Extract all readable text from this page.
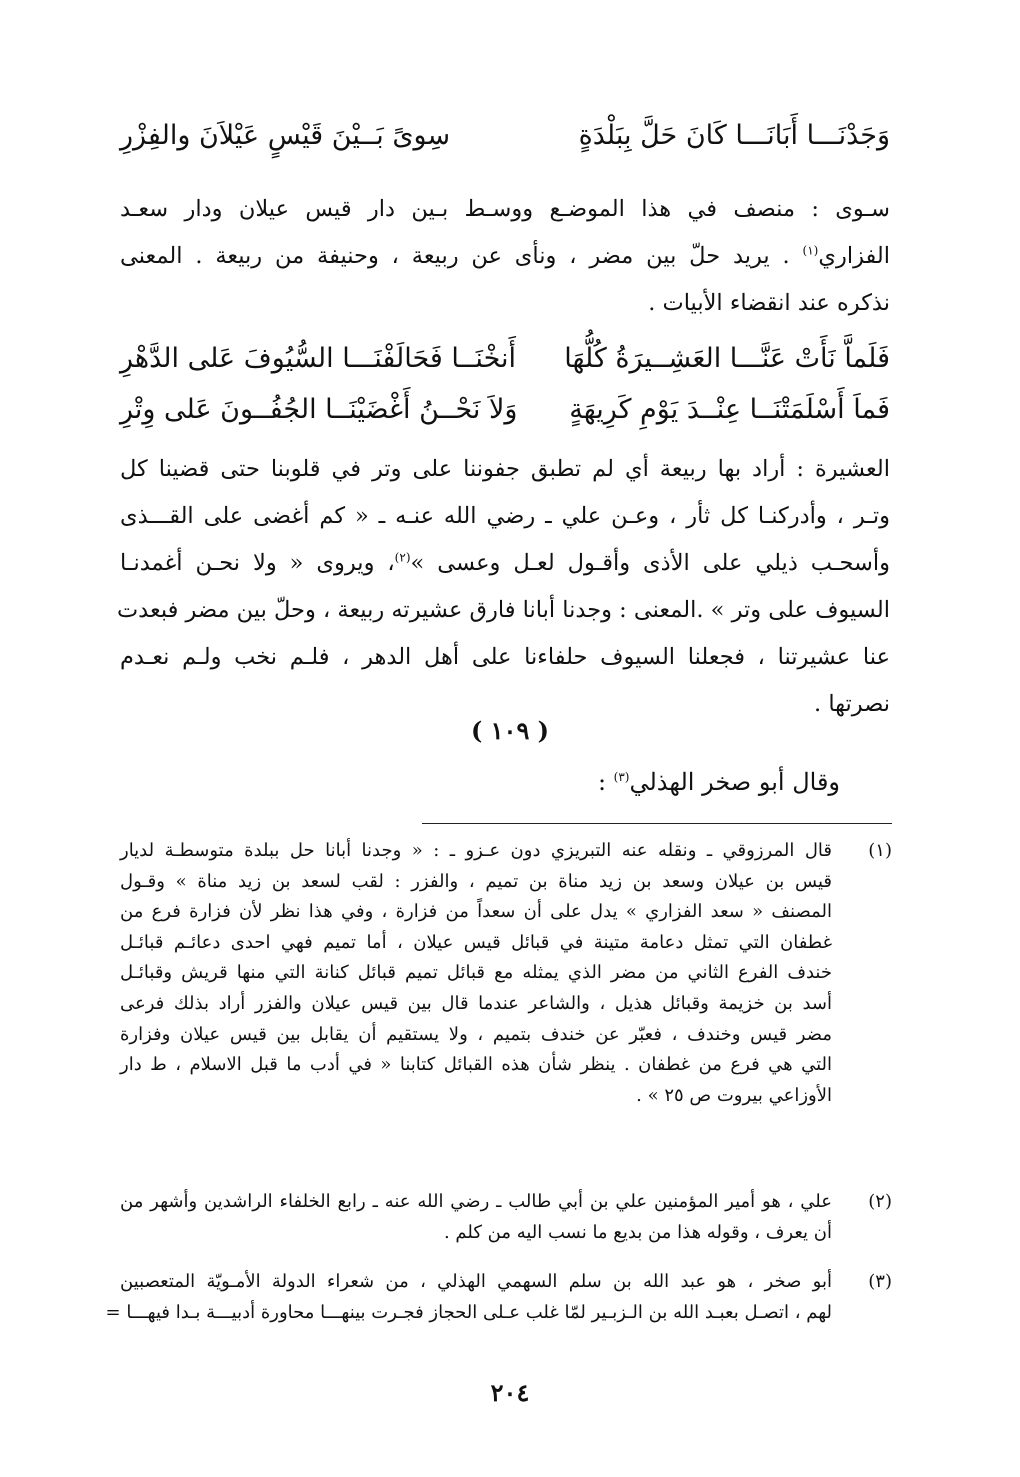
وَجَدْنَـــا أَبَانَـــا كَانَ حَلَّ بِبَلْدَةٍ
سِوىً بَــيْنَ قَيْسٍ عَيْلاَنَ والفِزْرِ
سـوى : منصف في هذا الموضـع ووسـط بـين دار قيس عيلان ودار سعـد
الفزاري$^{(١)}$ . يريد حلّ بين مضر ، ونأى عن ربيعة ، وحنيفة من ربيعة . المعنى
نذكره عند انقضاء الأبيات .
فَلَماَّ نَأَتْ عَنَّـــا العَشِــيرَةُ كُلُّهَا
أَنخْنَــا فَحَالَفْنَـــا السُّيُوفَ عَلى الدَّهْرِ
فَماَ أَسْلَمَتْنَــا عِنْــدَ يَوْمِ كَرِيهَةٍ
وَلاَ نَحْــنُ أَغْضَيْنَــا الجُفُــونَ عَلى وِتْرِ
العشيرة : أراد بها ربيعة أي لم تطبق جفوننا على وتر في قلوبنا حتى قضينا كل
وتـر ، وأدركنـا كل ثأر ، وعـن علي ـ رضي الله عنـه ـ « كم أغضى على القـــذى
وأسحـب ذيلي على الأذى وأقـول لعـل وعسى »$^{(٢)}$، ويروى « ولا نحـن أغمدنـا
السيوف على وتر » .المعنى : وجدنا أبانا فارق عشيرته ربيعة ، وحلّ بين مضر فبعدت
عنا عشيرتنا ، فجعلنا السيوف حلفاءنا على أهل الدهر ، فلـم نخب ولـم نعـدم
نصرتها .
( ١٠٩ )
وقال أبو صخر الهذلي$^{(٣)}$ :
(١)
قال المرزوقي ـ ونقله عنه التبريزي دون عـزو ـ : « وجدنا أبانا حل ببلدة متوسطـة لديار
قيس بن عيلان وسعد بن زيد مناة بن تميم ، والفزر : لقب لسعد بن زيد مناة » وقـول
المصنف « سعد الفزاري » يدل على أن سعداً من فزارة ، وفي هذا نظر لأن فزارة فرع من
غطفان التي تمثل دعامة متينة في قبائل قيس عيلان ، أما تميم فهي احدى دعائـم قبائـل
خندف الفرع الثاني من مضر الذي يمثله مع قبائل تميم قبائل كنانة التي منها قريش وقبائـل
أسد بن خزيمة وقبائل هذيل ، والشاعر عندما قال بين قيس عيلان والفزر أراد بذلك فرعى
مضر قيس وخندف ، فعبّر عن خندف بتميم ، ولا يستقيم أن يقابل بين قيس عيلان وفزارة
التي هي فرع من غطفان . ينظر شأن هذه القبائل كتابنا « في أدب ما قبل الاسلام ، ط دار
الأوزاعي بيروت ص ٢٥ » .
(٢)
علي ، هو أمير المؤمنين علي بن أبي طالب ـ رضي الله عنه ـ رابع الخلفاء الراشدين وأشهر من
أن يعرف ، وقوله هذا من بديع ما نسب اليه من كلم .
(٣)
أبو صخر ، هو عبد الله بن سلم السهمي الهذلي ، من شعراء الدولة الأمـويّة المتعصبين
لهم ، اتصـل بعبـد الله بن الـزبـير لمّا غلب عـلى الحجاز فجـرت بينهـــا محاورة أدبيـــة بـدا فيهـــا =
٢٠٤
